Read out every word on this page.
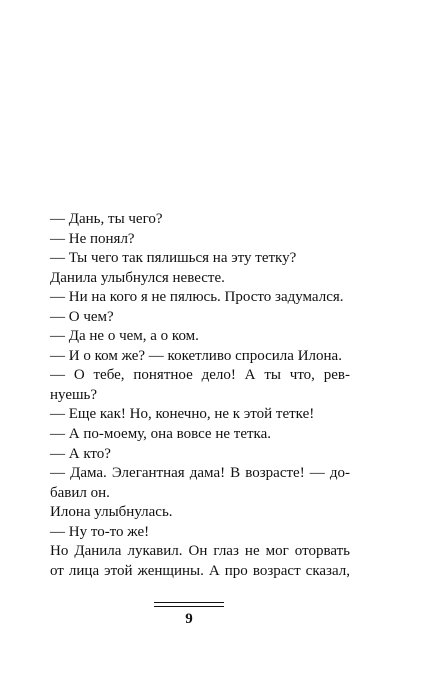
— Дань, ты чего?
— Не понял?
— Ты чего так пялишься на эту тетку?
Данила улыбнулся невесте.
— Ни на кого я не пялюсь. Просто задумался.
— О чем?
— Да не о чем, а о ком.
— И о ком же? — кокетливо спросила Илона.
— О тебе, понятное дело! А ты что, рев-
нуешь?
— Еще как! Но, конечно, не к этой тетке!
— А по-моему, она вовсе не тетка.
— А кто?
— Дама. Элегантная дама! В возрасте! — до-
бавил он.
Илона улыбнулась.
— Ну то-то же!
Но Данила лукавил. Он глаз не мог оторвать
от лица этой женщины. А про возраст сказал,
9
